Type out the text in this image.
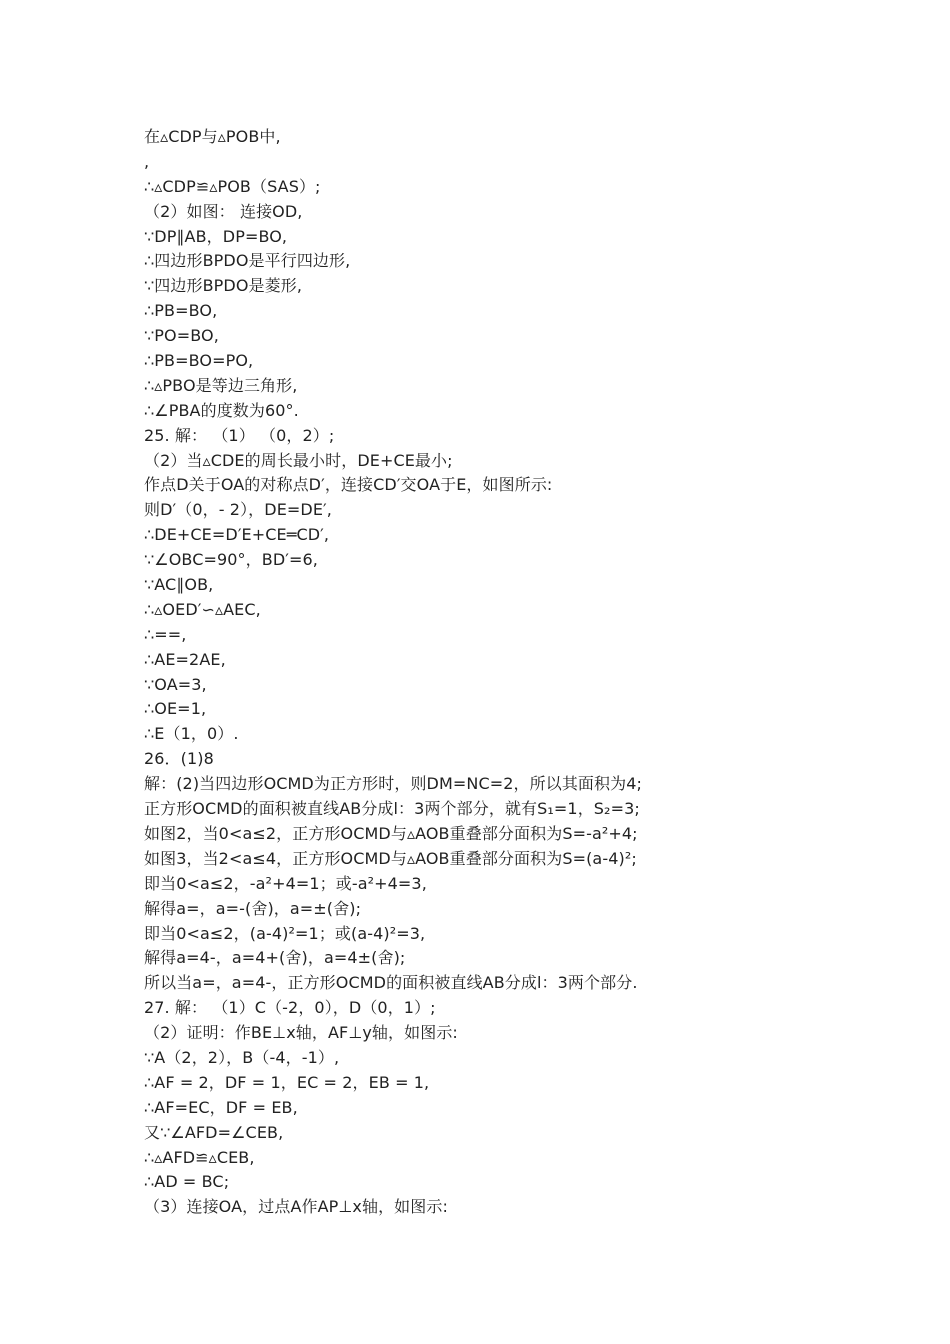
在▵CDP与▵POB中,
,
∴▵CDP≌▵POB（SAS）;
（2）如图： 连接OD,
∵DP∥AB，DP=BO,
∴四边形BPDO是平行四边形,
∵四边形BPDO是菱形,
∴PB=BO,
∵PO=BO,
∴PB=BO=PO,
∴▵PBO是等边三角形,
∴∠PBA的度数为60°.
25. 解： （1） （0，2）;
（2）当▵CDE的周长最小时，DE+CE最小;
作点D关于OA的对称点D′，连接CD′交OA于E，如图所示:
则D′（0，- 2），DE=DE′,
∴DE+CE=D′E+CE═CD′,
∵∠OBC=90°，BD′=6,
∵AC∥OB,
∴▵OED′∽▵AEC,
∴==,
∴AE=2AE,
∵OA=3,
∴OE=1,
∴E（1，0）.
26．(1)8
解：(2)当四边形OCMD为正方形时，则DM=NC=2，所以其面积为4;
正方形OCMD的面积被直线AB分成l：3两个部分，就有S₁=1，S₂=3;
如图2，当0<a≤2，正方形OCMD与▵AOB重叠部分面积为S=-a²+4;
如图3，当2<a≤4，正方形OCMD与▵AOB重叠部分面积为S=(a-4)²;
即当0<a≤2，-a²+4=1；或-a²+4=3,
解得a=，a=-(舍)，a=±(舍);
即当0<a≤2，(a-4)²=1；或(a-4)²=3,
解得a=4-，a=4+(舍)，a=4±(舍);
所以当a=，a=4-，正方形OCMD的面积被直线AB分成l：3两个部分.
27. 解： （1）C（-2，0），D（0，1）;
（2）证明：作BE⊥x轴，AF⊥y轴，如图示:
∵A（2，2），B（-4，-1）,
∴AF = 2，DF = 1，EC = 2，EB = 1,
∴AF=EC，DF = EB,
又∵∠AFD=∠CEB,
∴▵AFD≌▵CEB,
∴AD = BC;
（3）连接OA，过点A作AP⊥x轴，如图示:
